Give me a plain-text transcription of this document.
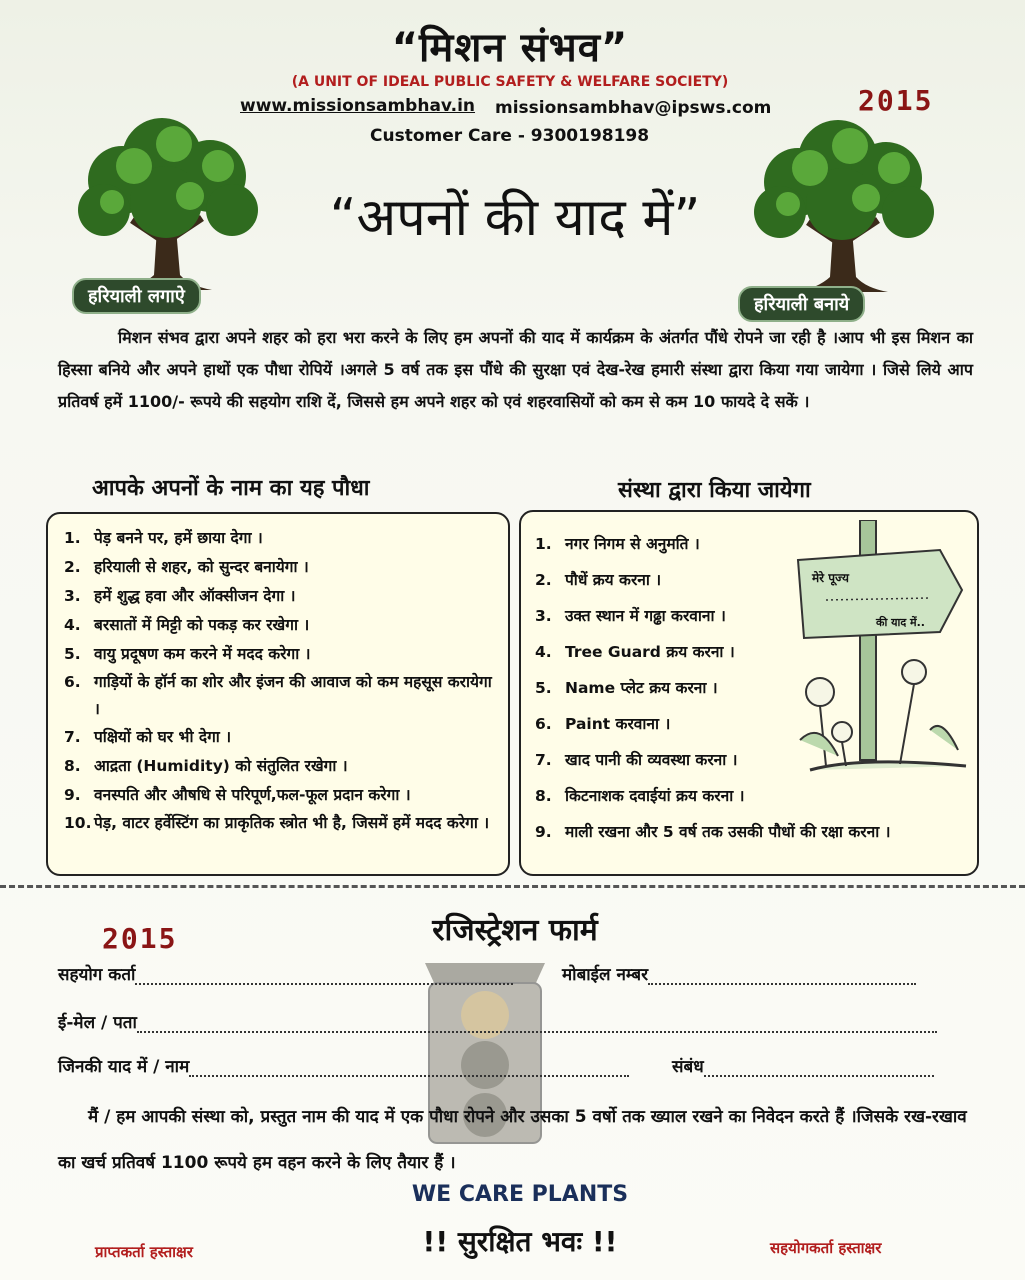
“मिशन संभव”
(A UNIT OF IDEAL PUBLIC SAFETY & WELFARE SOCIETY)
www.missionsambhav.in missionsambhav@ipsws.com
Customer Care - 9300198198
2015
हरियाली लगाऐ	हरियाली बनाये
“अपनों की याद में”
मिशन संभव द्वारा अपने शहर को हरा भरा करने के लिए हम अपनों की याद में कार्यक्रम के अंतर्गत पौंधे रोपने जा रही है ।आप भी इस मिशन का हिस्सा बनिये और अपने हाथों एक पौधा रोपियें ।अगले 5 वर्ष तक इस पौंधे की सुरक्षा एवं देख-रेख हमारी संस्था द्वारा किया गया जायेगा । जिसे लिये आप प्रतिवर्ष हमें 1100/- रूपये की सहयोग राशि दें, जिससे हम अपने शहर को एवं शहरवासियों को कम से कम 10 फायदे दे सकें ।
आपके अपनों के नाम का यह पौधा	संस्था द्वारा किया जायेगा
1. पेड़ बनने पर, हमें छाया देगा ।
2. हरियाली से शहर, को सुन्दर बनायेगा ।
3. हमें शुद्ध हवा और ऑक्सीजन देगा ।
4. बरसातों में मिट्टी को पकड़ कर रखेगा ।
5. वायु प्रदूषण कम करने में मदद करेगा ।
6. गाड़ियों के हॉर्न का शोर और इंजन की आवाज को कम महसूस करायेगा ।
7. पक्षियों को घर भी देगा ।
8. आद्रता (Humidity) को संतुलित रखेगा ।
9. वनस्पति और औषधि से परिपूर्ण,फल-फूल प्रदान करेगा ।
10. पेड़, वाटर हर्वेस्टिंग का प्राकृतिक स्त्रोत भी है, जिसमें हमें मदद करेगा ।
1. नगर निगम से अनुमति ।
2. पौधें क्रय करना ।
3. उक्त स्थान में गढ्ढा करवाना ।
4. Tree Guard क्रय करना ।
5. Name प्लेट क्रय करना ।
6. Paint करवाना ।
7. खाद पानी की व्यवस्था करना ।
8. किटनाशक दवाईयां क्रय करना ।
9. माली रखना और 5 वर्ष तक उसकी पौधों की रक्षा करना ।
मेरे पूज्य
की याद में..
रजिस्ट्रेशन फार्म
2015
सहयोग कर्ता	मोबाईल नम्बर
ई-मेल / पता
जिनकी याद में / नाम	संबंध
मैं / हम आपकी संस्था को, प्रस्तुत नाम की याद में एक पौधा रोपने और उसका 5 वर्षो तक ख्याल रखने का निवेदन करते हैं ।जिसके रख-रखाव का खर्च प्रतिवर्ष 1100 रूपये हम वहन करने के लिए तैयार हैं ।
WE CARE PLANTS
!! सुरक्षित भवः !!
प्राप्तकर्ता हस्ताक्षर	सहयोगकर्ता हस्ताक्षर
